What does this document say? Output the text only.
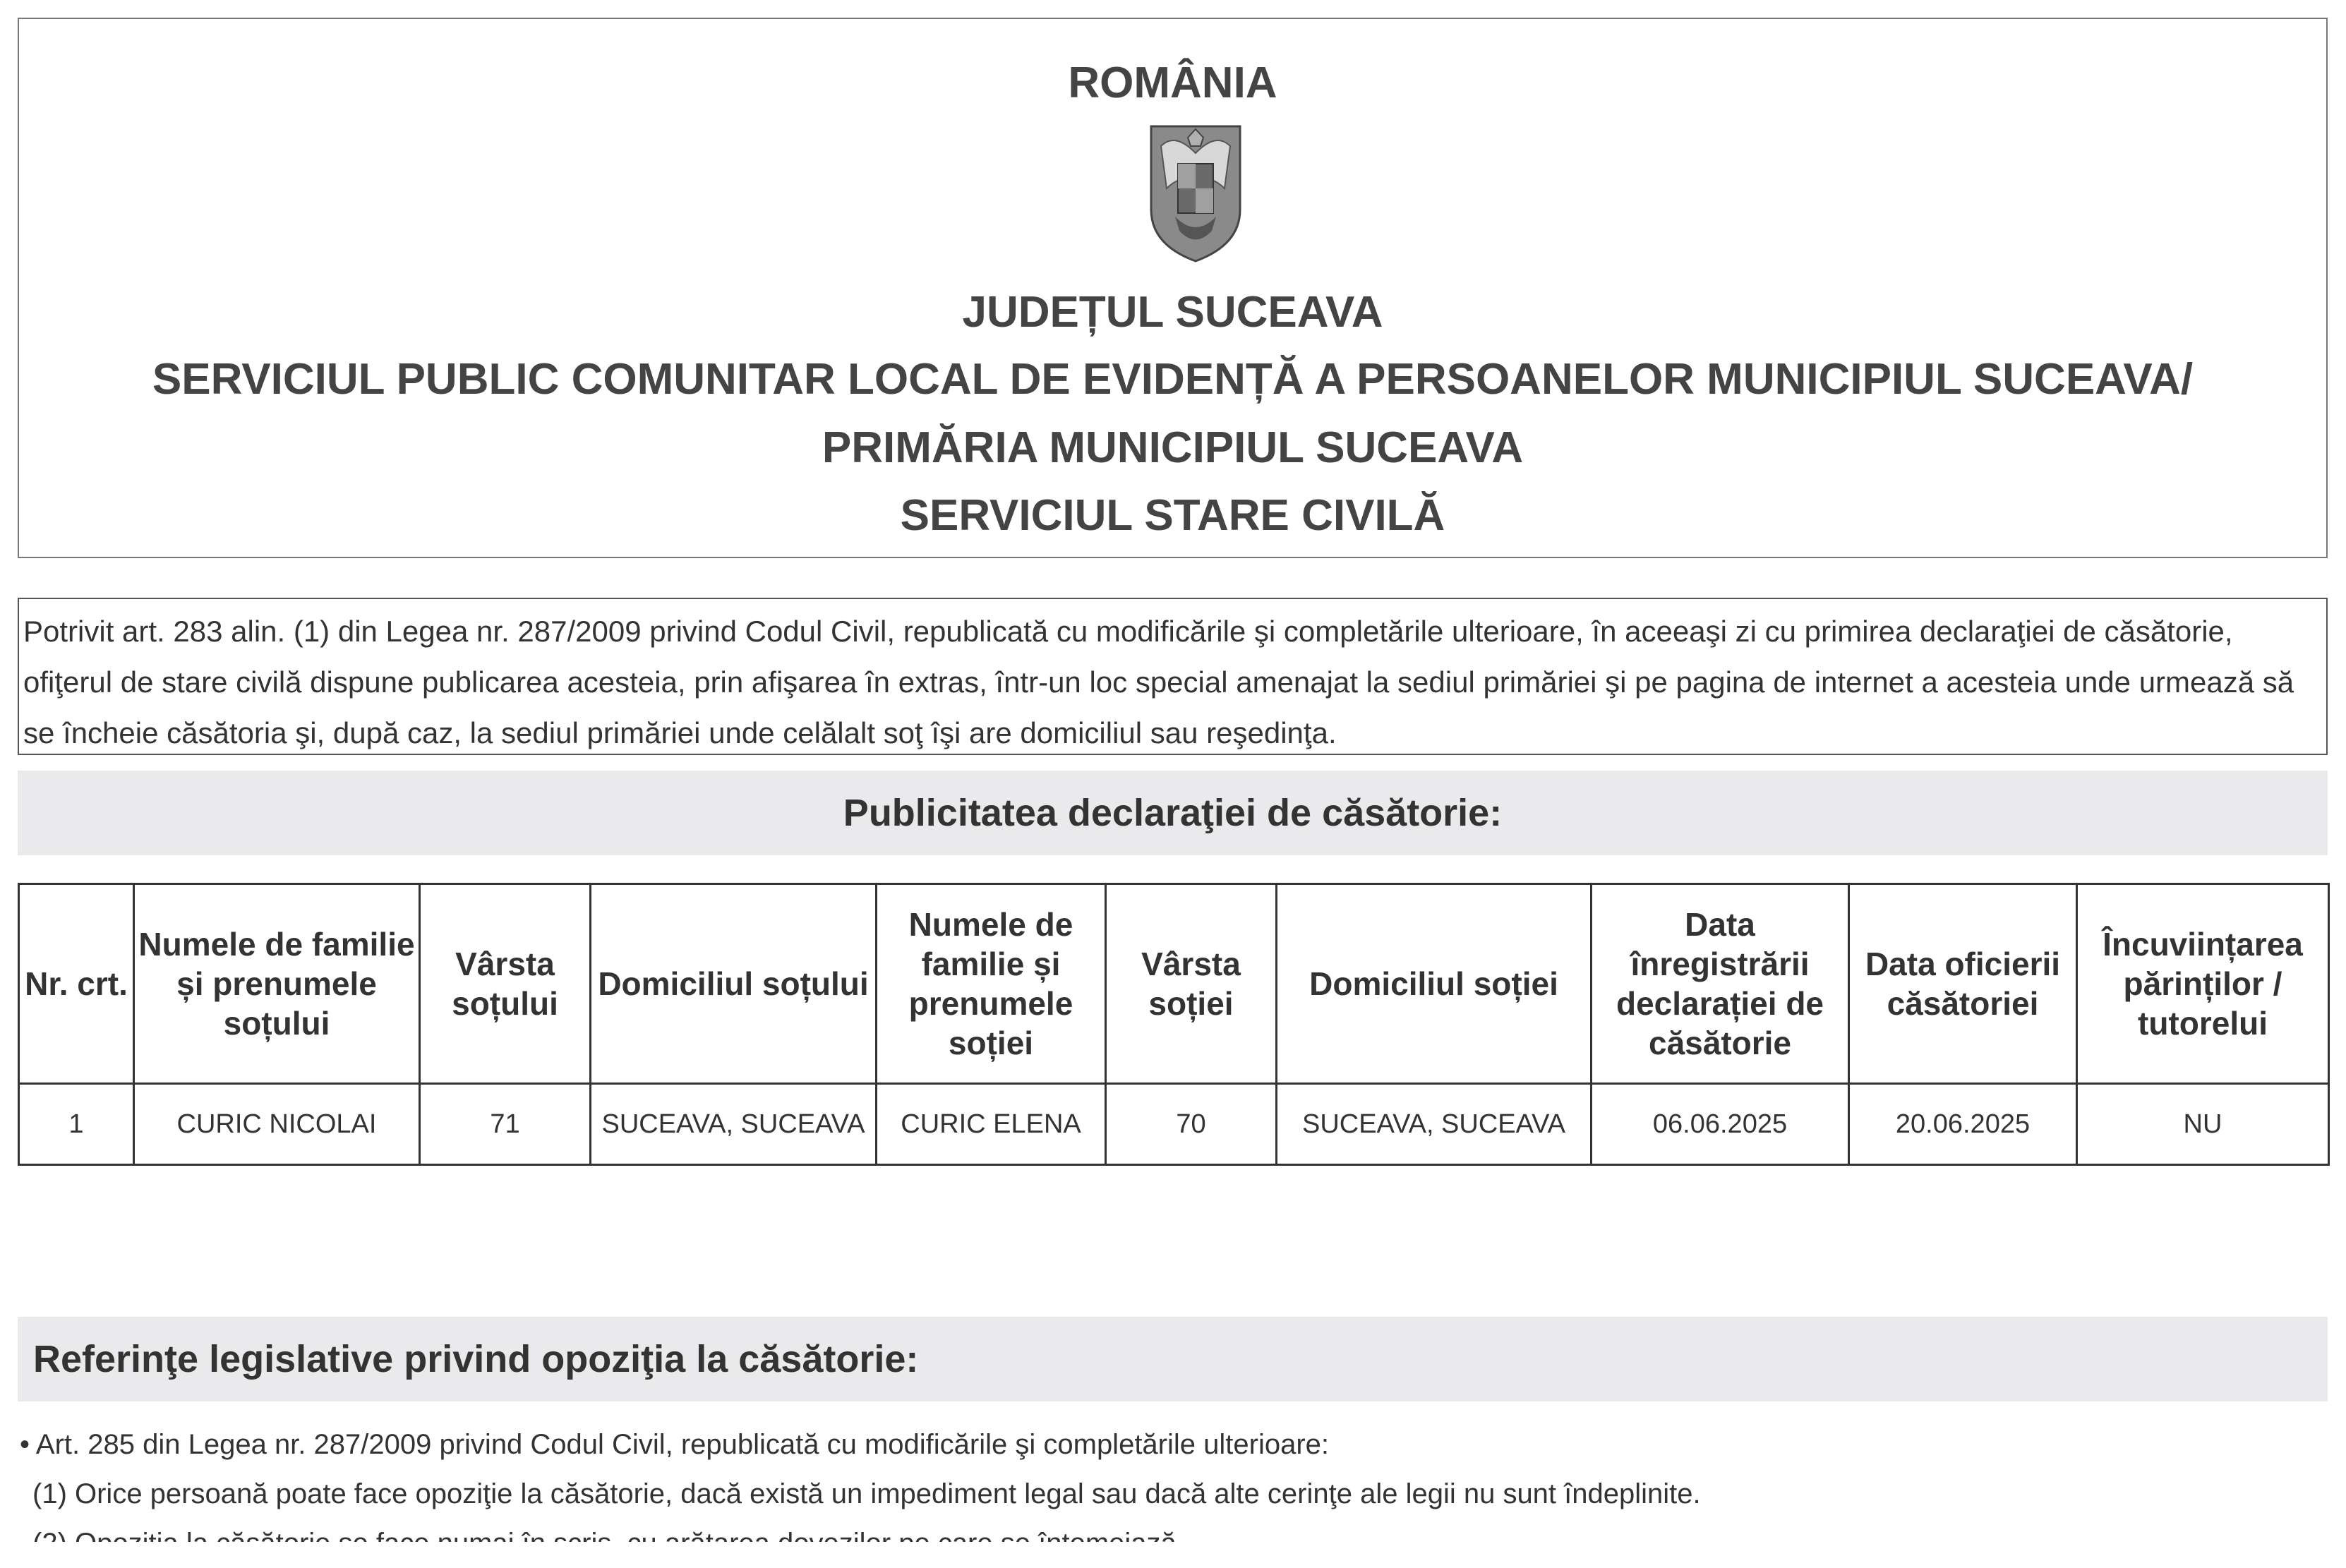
ROMÂNIA
JUDEȚUL SUCEAVA
SERVICIUL PUBLIC COMUNITAR LOCAL DE EVIDENȚĂ A PERSOANELOR MUNICIPIUL SUCEAVA/
PRIMĂRIA MUNICIPIUL SUCEAVA
SERVICIUL STARE CIVILĂ
Potrivit art. 283 alin. (1) din Legea nr. 287/2009 privind Codul Civil, republicată cu modificările şi completările ulterioare, în aceeaşi zi cu primirea declaraţiei de căsătorie, ofiţerul de stare civilă dispune publicarea acesteia, prin afişarea în extras, într-un loc special amenajat la sediul primăriei şi pe pagina de internet a acesteia unde urmează să se încheie căsătoria şi, după caz, la sediul primăriei unde celălalt soţ îşi are domiciliul sau reşedinţa.
Publicitatea declaraţiei de căsătorie:
Nr. crt.	Numele de familie și prenumele soțului	Vârsta soțului	Domiciliul soțului	Numele de familie și prenumele soției	Vârsta soției	Domiciliul soției	Data înregistrării declarației de căsătorie	Data oficierii căsătoriei	Încuviințarea părinților / tutorelui
1	CURIC NICOLAI	71	SUCEAVA, SUCEAVA	CURIC ELENA	70	SUCEAVA, SUCEAVA	06.06.2025	20.06.2025	NU
Referinţe legislative privind opoziţia la căsătorie:
• Art. 285 din Legea nr. 287/2009 privind Codul Civil, republicată cu modificările şi completările ulterioare:
(1) Orice persoană poate face opoziţie la căsătorie, dacă există un impediment legal sau dacă alte cerinţe ale legii nu sunt îndeplinite.
